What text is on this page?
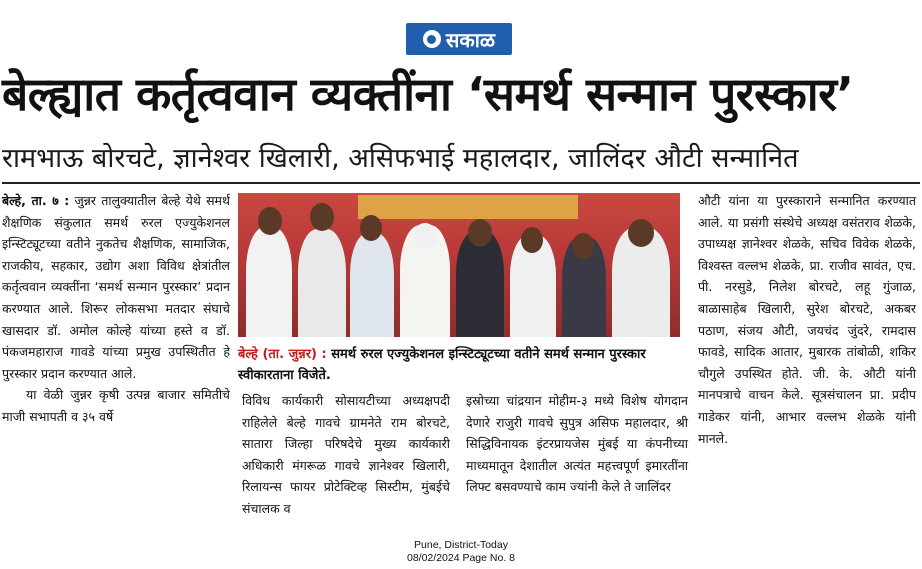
सकाळ
बेल्ह्यात कर्तृत्ववान व्यक्तींना ‘समर्थ सन्मान पुरस्कार’
रामभाऊ बोरचटे, ज्ञानेश्वर खिलारी, असिफभाई महालदार, जालिंदर औटी सन्मानित
बेल्हे, ता. ७ : जुन्नर तालुक्यातील बेल्हे येथे समर्थ शैक्षणिक संकुलात समर्थ रुरल एज्युकेशनल इन्स्टिट्यूटच्या वतीने नुकतेच शैक्षणिक, सामाजिक, राजकीय, सहकार, उद्योग अशा विविध क्षेत्रांतील कर्तृत्ववान व्यक्तींना ‘समर्थ सन्मान पुरस्कार’ प्रदान करण्यात आले. शिरूर लोकसभा मतदार संघाचे खासदार डॉ. अमोल कोल्हे यांच्या हस्ते व डॉ. पंकजमहाराज गावडे यांच्या प्रमुख उपस्थितीत हे पुरस्कार प्रदान करण्यात आले.
या वेळी जुन्नर कृषी उत्पन्न बाजार समितीचे माजी सभापती व ३५ वर्षे
बेल्हे (ता. जुन्नर) : समर्थ रुरल एज्युकेशनल इन्स्टिट्यूटच्या वतीने समर्थ सन्मान पुरस्कार स्वीकारताना विजेते.
विविध कार्यकारी सोसायटीच्या अध्यक्षपदी राहिलेले बेल्हे गावचे ग्रामनेते राम बोरचटे, सातारा जिल्हा परिषदेचे मुख्य कार्यकारी अधिकारी मंगरूळ गावचे ज्ञानेश्वर खिलारी, रिलायन्स फायर प्रोटेक्टिव्ह सिस्टीम, मुंबईचे संचालक व
इस्रोच्या चांद्रयान मोहीम-३ मध्ये विशेष योगदान देणारे राजुरी गावचे सुपुत्र असिफ महालदार, श्री सिद्धिविनायक इंटरप्रायजेस मुंबई या कंपनीच्या माध्यमातून देशातील अत्यंत महत्त्वपूर्ण इमारतींना लिफ्ट बसवण्याचे काम ज्यांनी केले ते जालिंदर
औटी यांना या पुरस्काराने सन्मानित करण्यात आले. या प्रसंगी संस्थेचे अध्यक्ष वसंतराव शेळके, उपाध्यक्ष ज्ञानेश्वर शेळके, सचिव विवेक शेळके, विश्वस्त वल्लभ शेळके, प्रा. राजीव सावंत, एच. पी. नरसुडे, निलेश बोरचटे, लहू गुंजाळ, बाळासाहेब खिलारी, सुरेश बोरचटे, अकबर पठाण, संजय औटी, जयचंद जुंदरे, रामदास फावडे, सादिक आतार, मुबारक तांबोळी, शकिर चौगुले उपस्थित होते. जी. के. औटी यांनी मानपत्राचे वाचन केले. सूत्रसंचालन प्रा. प्रदीप गाडेकर यांनी, आभार वल्लभ शेळके यांनी मानले.
Pune, District-Today
08/02/2024 Page No. 8
